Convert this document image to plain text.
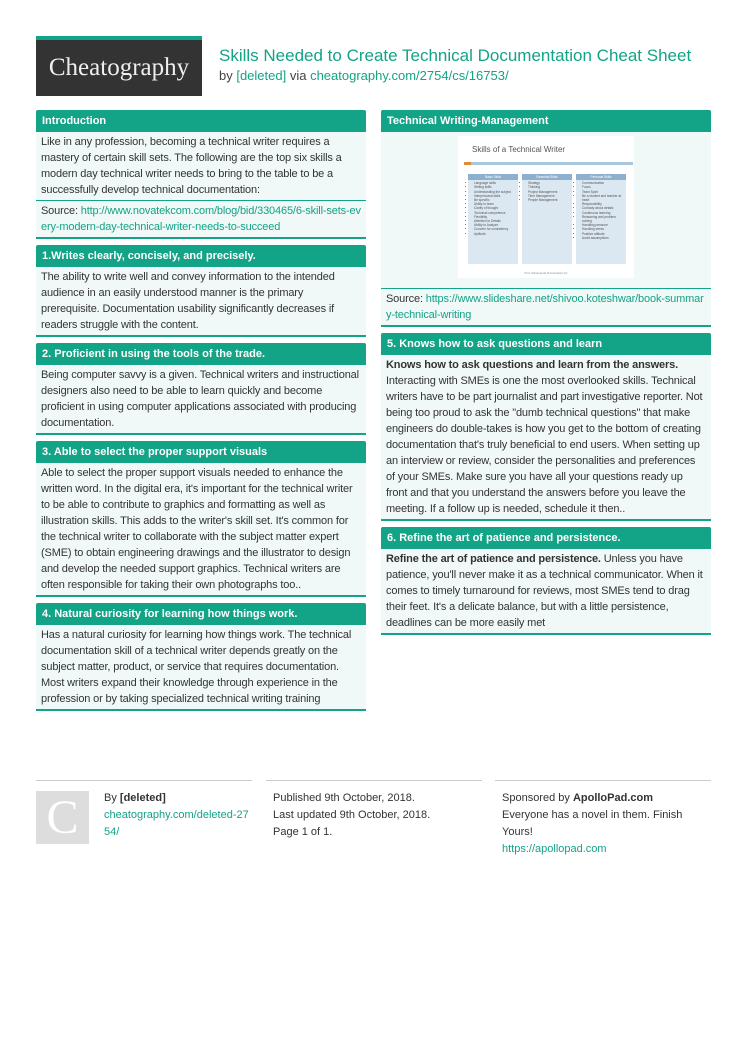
Cheatography Skills Needed to Create Technical Documentation Cheat Sheet
by [deleted] via cheatography.com/2754/cs/16753/
Introduction
Like in any profession, becoming a technical writer requires a mastery of certain skill sets. The following are the top six skills a modern day technical writer needs to bring to the table to be a successfully develop technical documentation:
Source: http://www.novatekcom.com/blog/bid/330465/6-skill-sets-every-modern-day-technical-writer-needs-to-succeed
1.Writes clearly, concisely, and precisely.
The ability to write well and convey information to the intended audience in an easily understood manner is the primary prerequisite. Documentation usability significantly decreases if readers struggle with the content.
2. Proficient in using the tools of the trade.
Being computer savvy is a given. Technical writers and instructional designers also need to be able to learn quickly and become proficient in using computer applications associated with producing documentation.
3. Able to select the proper support visuals
Able to select the proper support visuals needed to enhance the written word. In the digital era, it's important for the technical writer to be able to contribute to graphics and formatting as well as illustration skills. This adds to the writer's skill set. It's common for the technical writer to collaborate with the subject matter expert (SME) to obtain engineering drawings and the illustrator to design and develop the needed support graphics. Technical writers are often responsible for taking their own photographs too..
4. Natural curiosity for learning how things work.
Has a natural curiosity for learning how things work. The technical documentation skill of a technical writer depends greatly on the subject matter, product, or service that requires documentation. Most writers expand their knowledge through experience in the profession or by taking specialized technical writing training
Technical Writing-Management
Skills of a Technical Writer
Prof. Shivananda R Koteshwar (C)
Basic Skills
• Language skills
• Writing skills
• Understanding the subject
• Interpersonal skills
• Be specific
• Ability to learn
• Clarity of thought
• Technical competence
• Flexibility
• Attention to Details
• Ability to Analyze
• Concern for consistency
• Aptitude
Essential Skills
• Strategy
• Thinking
• Project Management
• Time Management
• People Management
Personal Skills
• Communication
• Focus
• Team Spirit
• Be a student and teacher at heart
• Responsibility
• Curiosity about details
• Continuous learning
• Reasoning and problem solving
• Handling pressure
• Handling stress
• Positive attitude
• Avoid assumptions
Source: https://www.slideshare.net/shivoo.koteshwar/book-summary-technical-writing
5. Knows how to ask questions and learn
Knows how to ask questions and learn from the answers. Interacting with SMEs is one the most overlooked skills. Technical writers have to be part journalist and part investigative reporter. Not being too proud to ask the "dumb technical questions" that make engineers do double-takes is how you get to the bottom of creating documentation that's truly beneficial to end users. When setting up an interview or review, consider the personalities and preferences of your SMEs. Make sure you have all your questions ready up front and that you understand the answers before you leave the meeting. If a follow up is needed, schedule it then..
6. Refine the art of patience and persistence.
Refine the art of patience and persistence. Unless you have patience, you'll never make it as a technical communicator. When it comes to timely turnaround for reviews, most SMEs tend to drag their feet. It's a delicate balance, but with a little persistence, deadlines can be more easily met
C	By [deleted]
cheatography.com/deleted-2754/
Published 9th October, 2018.
Last updated 9th October, 2018.
Page 1 of 1.
Sponsored by ApolloPad.com
Everyone has a novel in them. Finish Yours!
https://apollopad.com
